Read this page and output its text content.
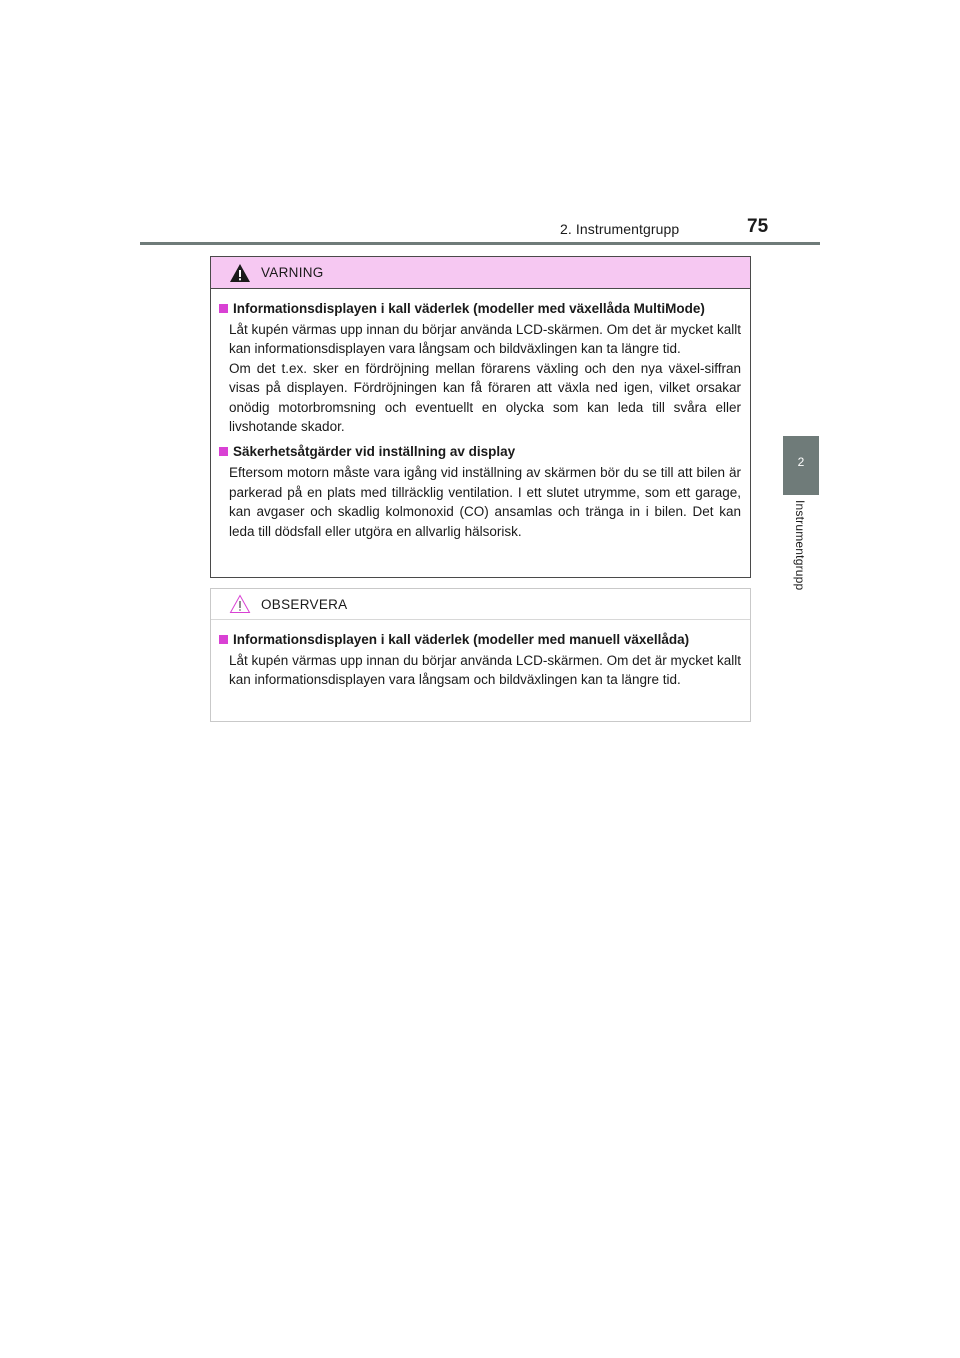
2. Instrumentgrupp	75
2
Instrumentgrupp
VARNING
Informationsdisplayen i kall väderlek (modeller med växellåda MultiMode)
Låt kupén värmas upp innan du börjar använda LCD-skärmen. Om det är mycket kallt kan informationsdisplayen vara långsam och bildväxlingen kan ta längre tid.
Om det t.ex. sker en fördröjning mellan förarens växling och den nya växel-siffran visas på displayen. Fördröjningen kan få föraren att växla ned igen, vilket orsakar onödig motorbromsning och eventuellt en olycka som kan leda till svåra eller livshotande skador.
Säkerhetsåtgärder vid inställning av display
Eftersom motorn måste vara igång vid inställning av skärmen bör du se till att bilen är parkerad på en plats med tillräcklig ventilation. I ett slutet utrymme, som ett garage, kan avgaser och skadlig kolmonoxid (CO) ansamlas och tränga in i bilen. Det kan leda till dödsfall eller utgöra en allvarlig hälsorisk.
OBSERVERA
Informationsdisplayen i kall väderlek (modeller med manuell växellåda)
Låt kupén värmas upp innan du börjar använda LCD-skärmen. Om det är mycket kallt kan informationsdisplayen vara långsam och bildväxlingen kan ta längre tid.
